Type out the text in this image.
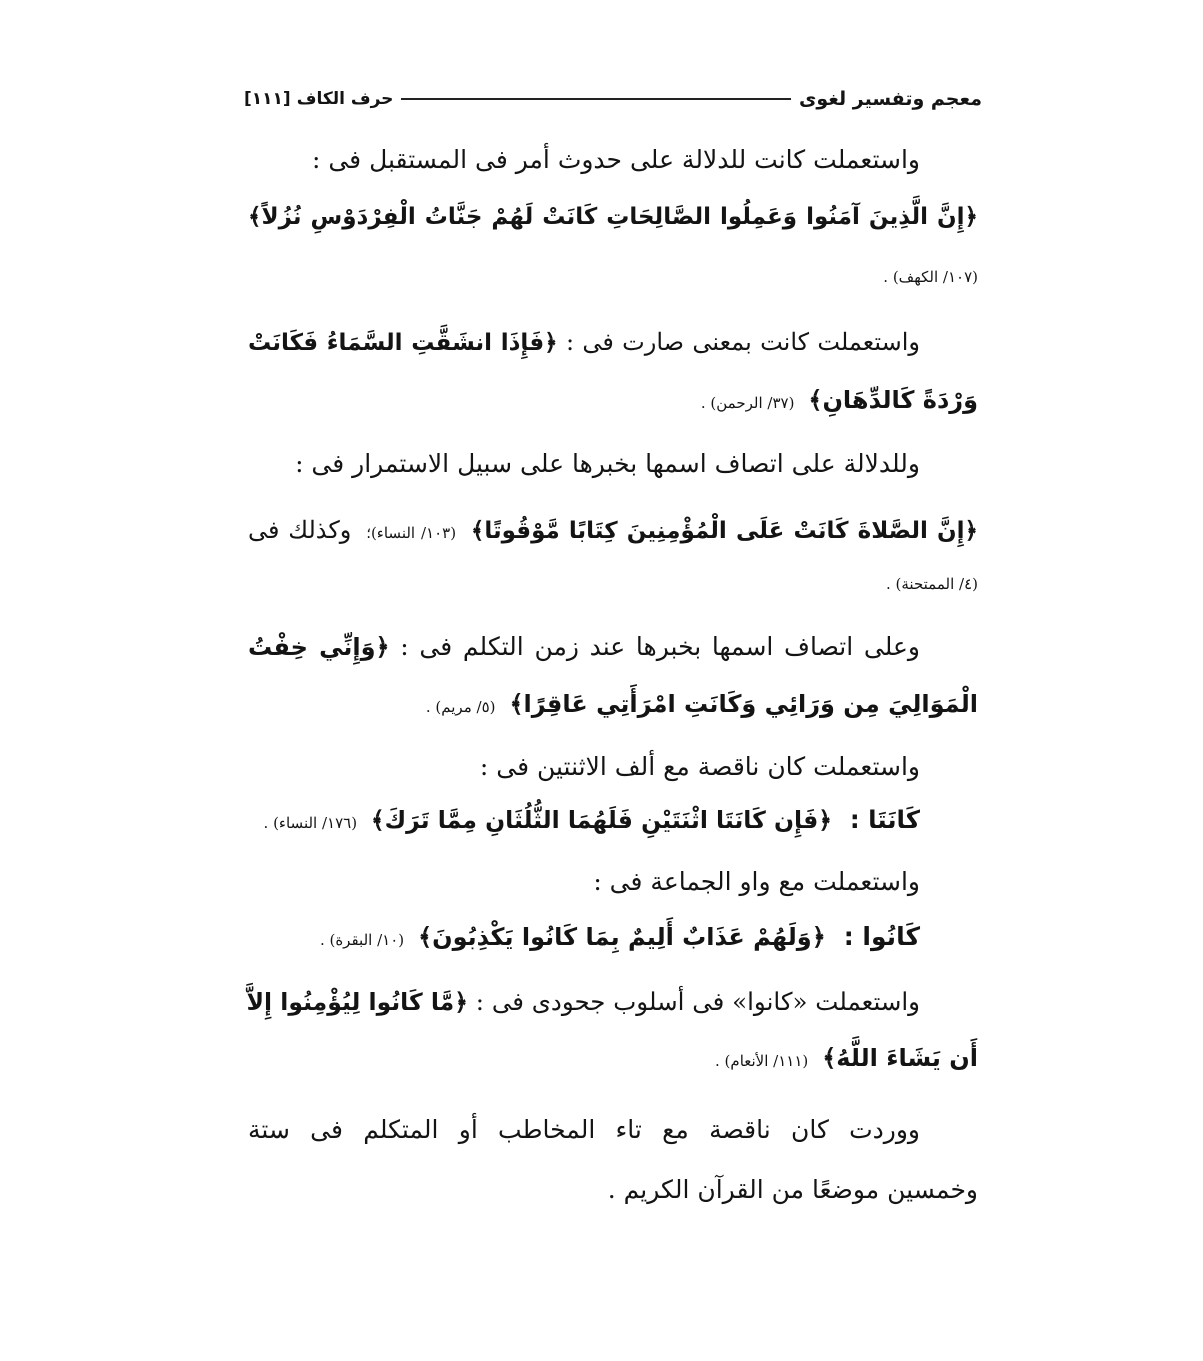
معجم وتفسير لغوى
حرف الكاف
[١١١]
واستعملت كانت للدلالة على حدوث أمر فى المستقبل فى :
﴿إِنَّ الَّذِينَ آمَنُوا وَعَمِلُوا الصَّالِحَاتِ كَانَتْ لَهُمْ جَنَّاتُ الْفِرْدَوْسِ نُزُلاً﴾
(١٠٧/ الكهف) .
واستعملت كانت بمعنى صارت فى : ﴿فَإِذَا انشَقَّتِ السَّمَاءُ فَكَانَتْ
وَرْدَةً كَالدِّهَانِ﴾ (٣٧/ الرحمن) .
وللدلالة على اتصاف اسمها بخبرها على سبيل الاستمرار فى :
﴿إِنَّ الصَّلاةَ كَانَتْ عَلَى الْمُؤْمِنِينَ كِتَابًا مَّوْقُوتًا﴾ (١٠٣/ النساء)؛ وكذلك فى
(٤/ الممتحنة) .
وعلى اتصاف اسمها بخبرها عند زمن التكلم فى : ﴿وَإِنِّي خِفْتُ
الْمَوَالِيَ مِن وَرَائِي وَكَانَتِ امْرَأَتِي عَاقِرًا﴾ (٥/ مريم) .
واستعملت كان ناقصة مع ألف الاثنتين فى :
كَانَتَا : ﴿فَإِن كَانَتَا اثْنَتَيْنِ فَلَهُمَا الثُّلُثَانِ مِمَّا تَرَكَ﴾ (١٧٦/ النساء) .
واستعملت مع واو الجماعة فى :
كَانُوا : ﴿وَلَهُمْ عَذَابٌ أَلِيمٌ بِمَا كَانُوا يَكْذِبُونَ﴾ (١٠/ البقرة) .
واستعملت «كانوا» فى أسلوب جحودى فى : ﴿مَّا كَانُوا لِيُؤْمِنُوا إِلاَّ
أَن يَشَاءَ اللَّهُ﴾ (١١١/ الأنعام) .
ووردت كان ناقصة مع تاء المخاطب أو المتكلم فى ستة
وخمسين موضعًا من القرآن الكريم .
